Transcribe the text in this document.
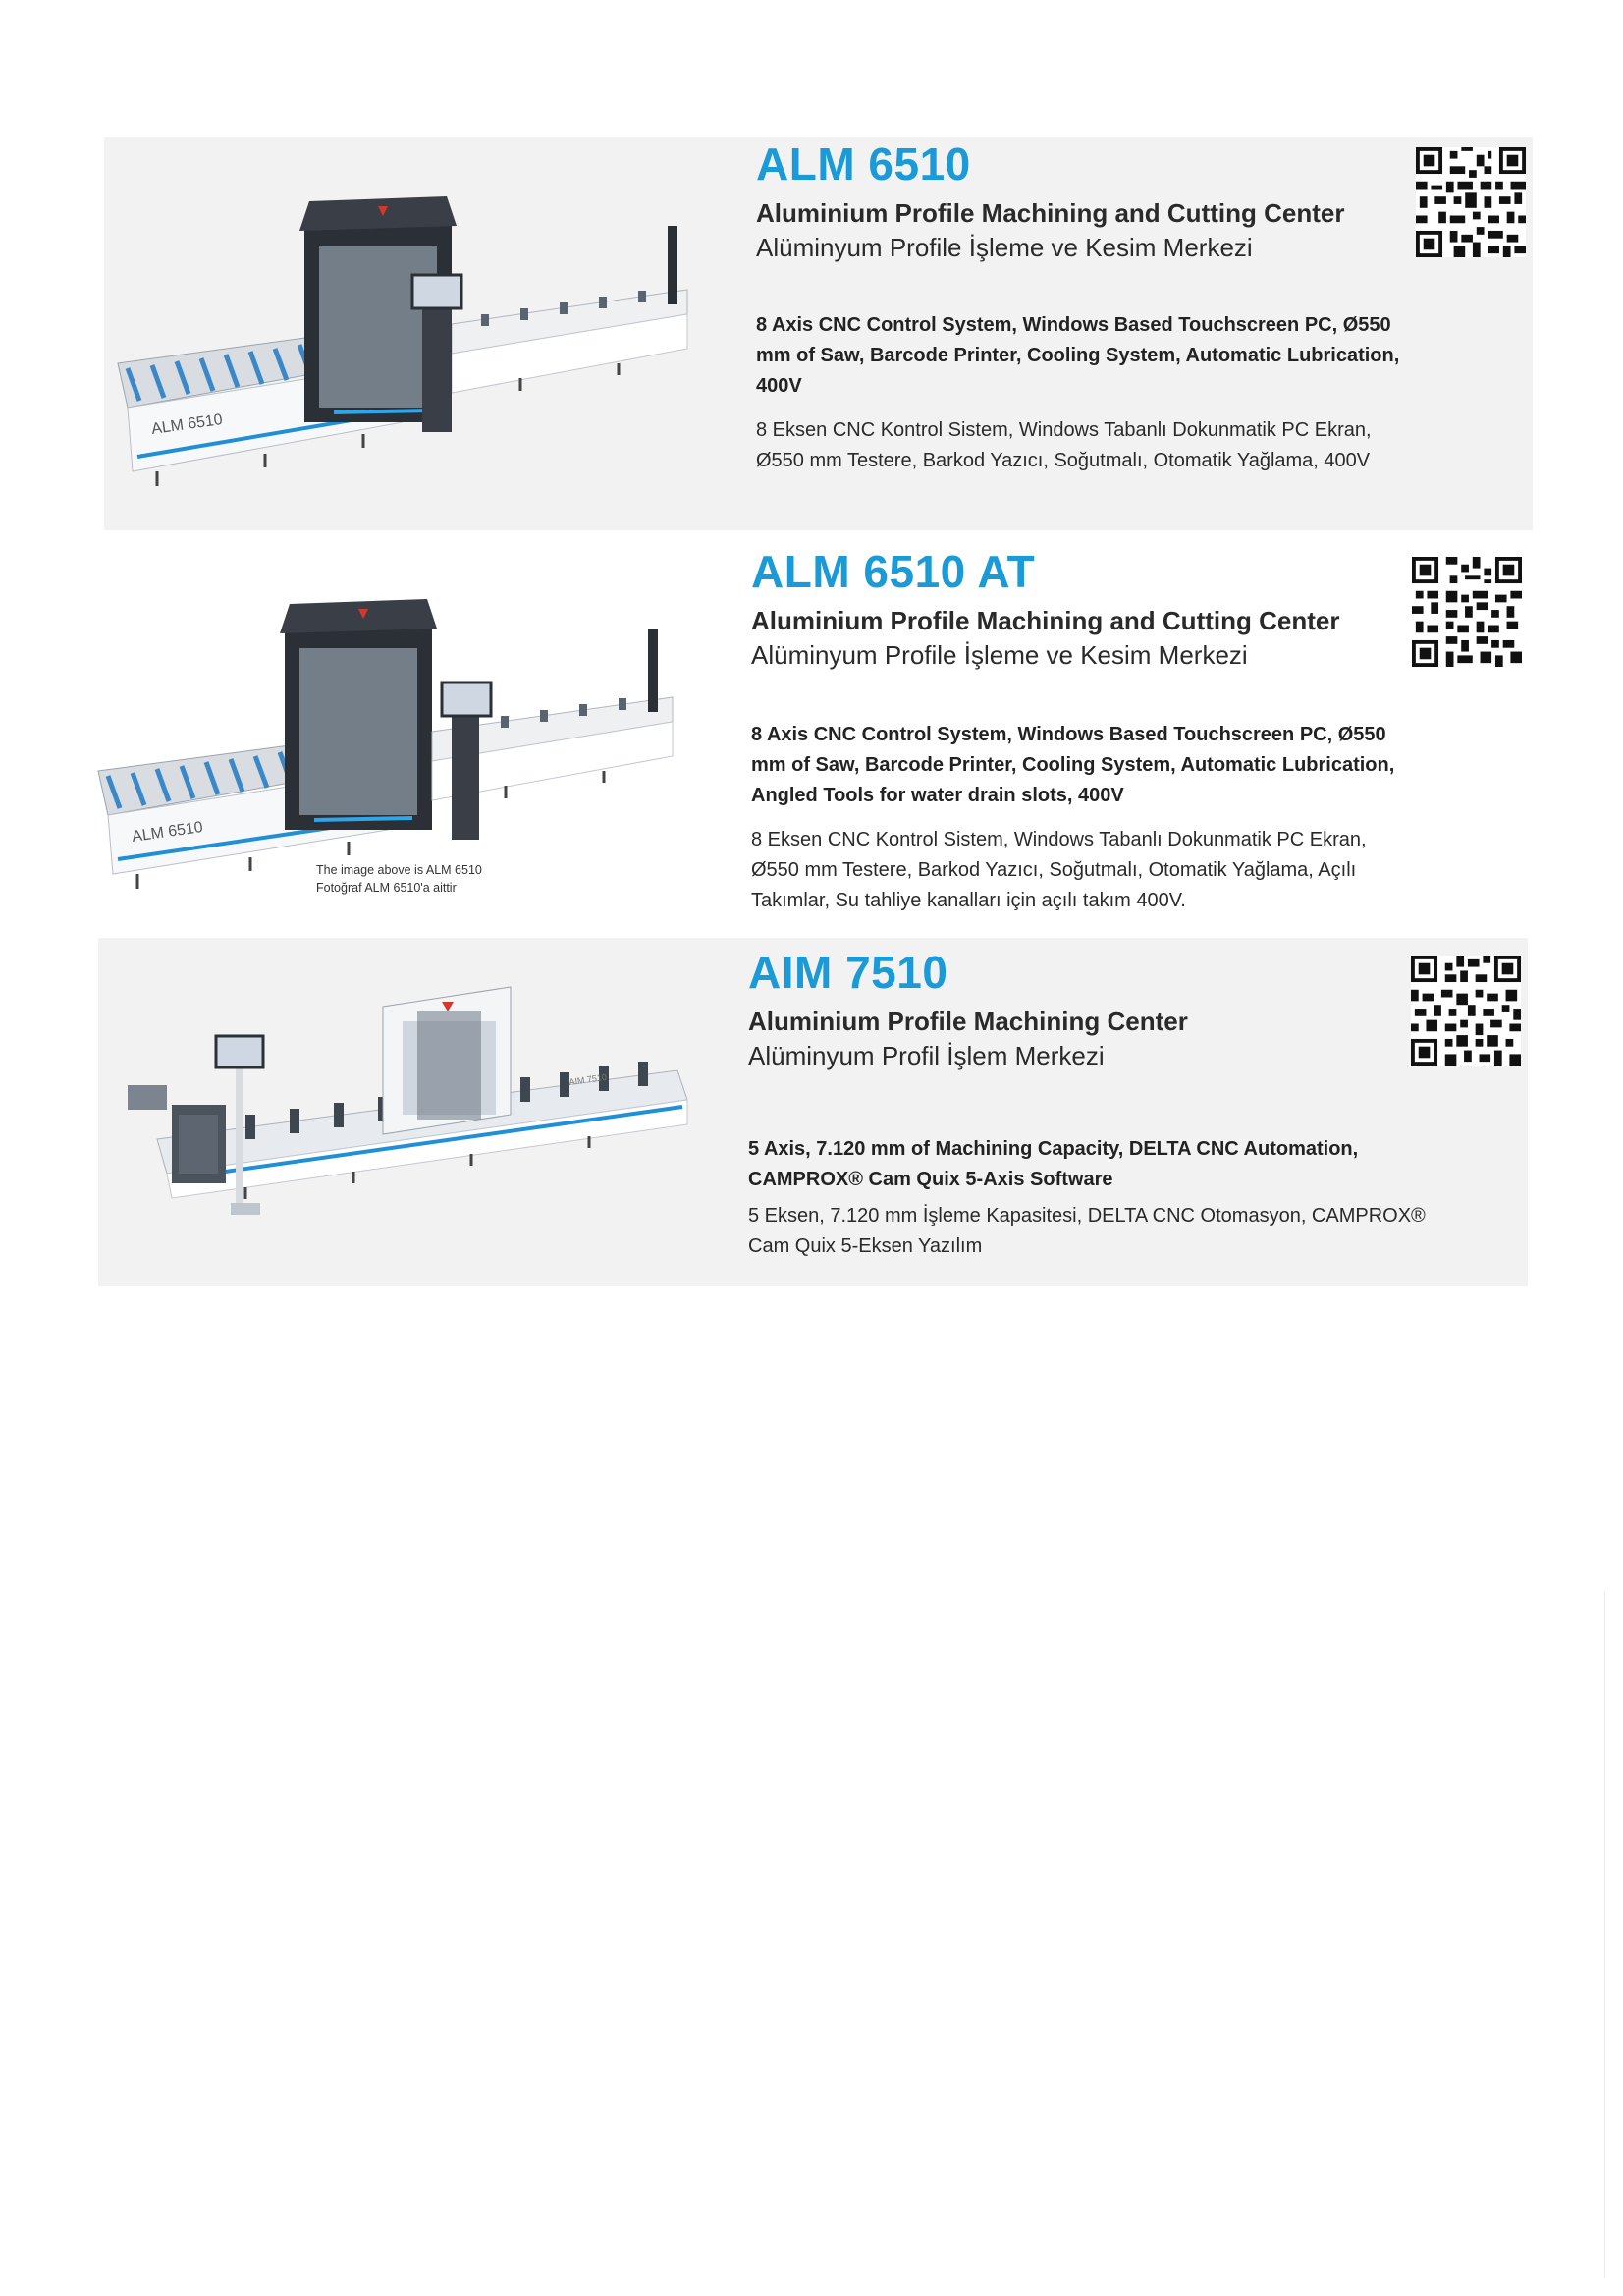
ALM 6510
ALM 6510

Aluminium Profile Machining and Cutting Center

Alüminyum Profile İşleme ve Kesim Merkezi

8 Axis CNC Control System, Windows Based Touchscreen PC, Ø550 mm of Saw, Barcode Printer, Cooling System, Automatic Lubrication, 400V

8 Eksen CNC Kontrol Sistem, Windows Tabanlı Dokunmatik PC Ekran, Ø550 mm Testere, Barkod Yazıcı, Soğutmalı, Otomatik Yağlama, 400V

ALM 6510

The image above is ALM 6510

Fotoğraf ALM 6510'a aittir

ALM 6510 AT

Aluminium Profile Machining and Cutting Center

Alüminyum Profile İşleme ve Kesim Merkezi

8 Axis CNC Control System, Windows Based Touchscreen PC, Ø550 mm of Saw, Barcode Printer, Cooling System, Automatic Lubrication, Angled Tools for water drain slots, 400V

8 Eksen CNC Kontrol Sistem, Windows Tabanlı Dokunmatik PC Ekran, Ø550 mm Testere, Barkod Yazıcı, Soğutmalı, Otomatik Yağlama, Açılı Takımlar, Su tahliye kanalları için açılı takım 400V.

AIM 7510
AIM 7510

Aluminium Profile Machining Center

Alüminyum Profil İşlem Merkezi

5 Axis, 7.120 mm of Machining Capacity, DELTA CNC Automation, CAMPROX® Cam Quix 5-Axis Software

5 Eksen, 7.120 mm İşleme Kapasitesi, DELTA CNC Otomasyon, CAMPROX® Cam Quix 5-Eksen Yazılım
